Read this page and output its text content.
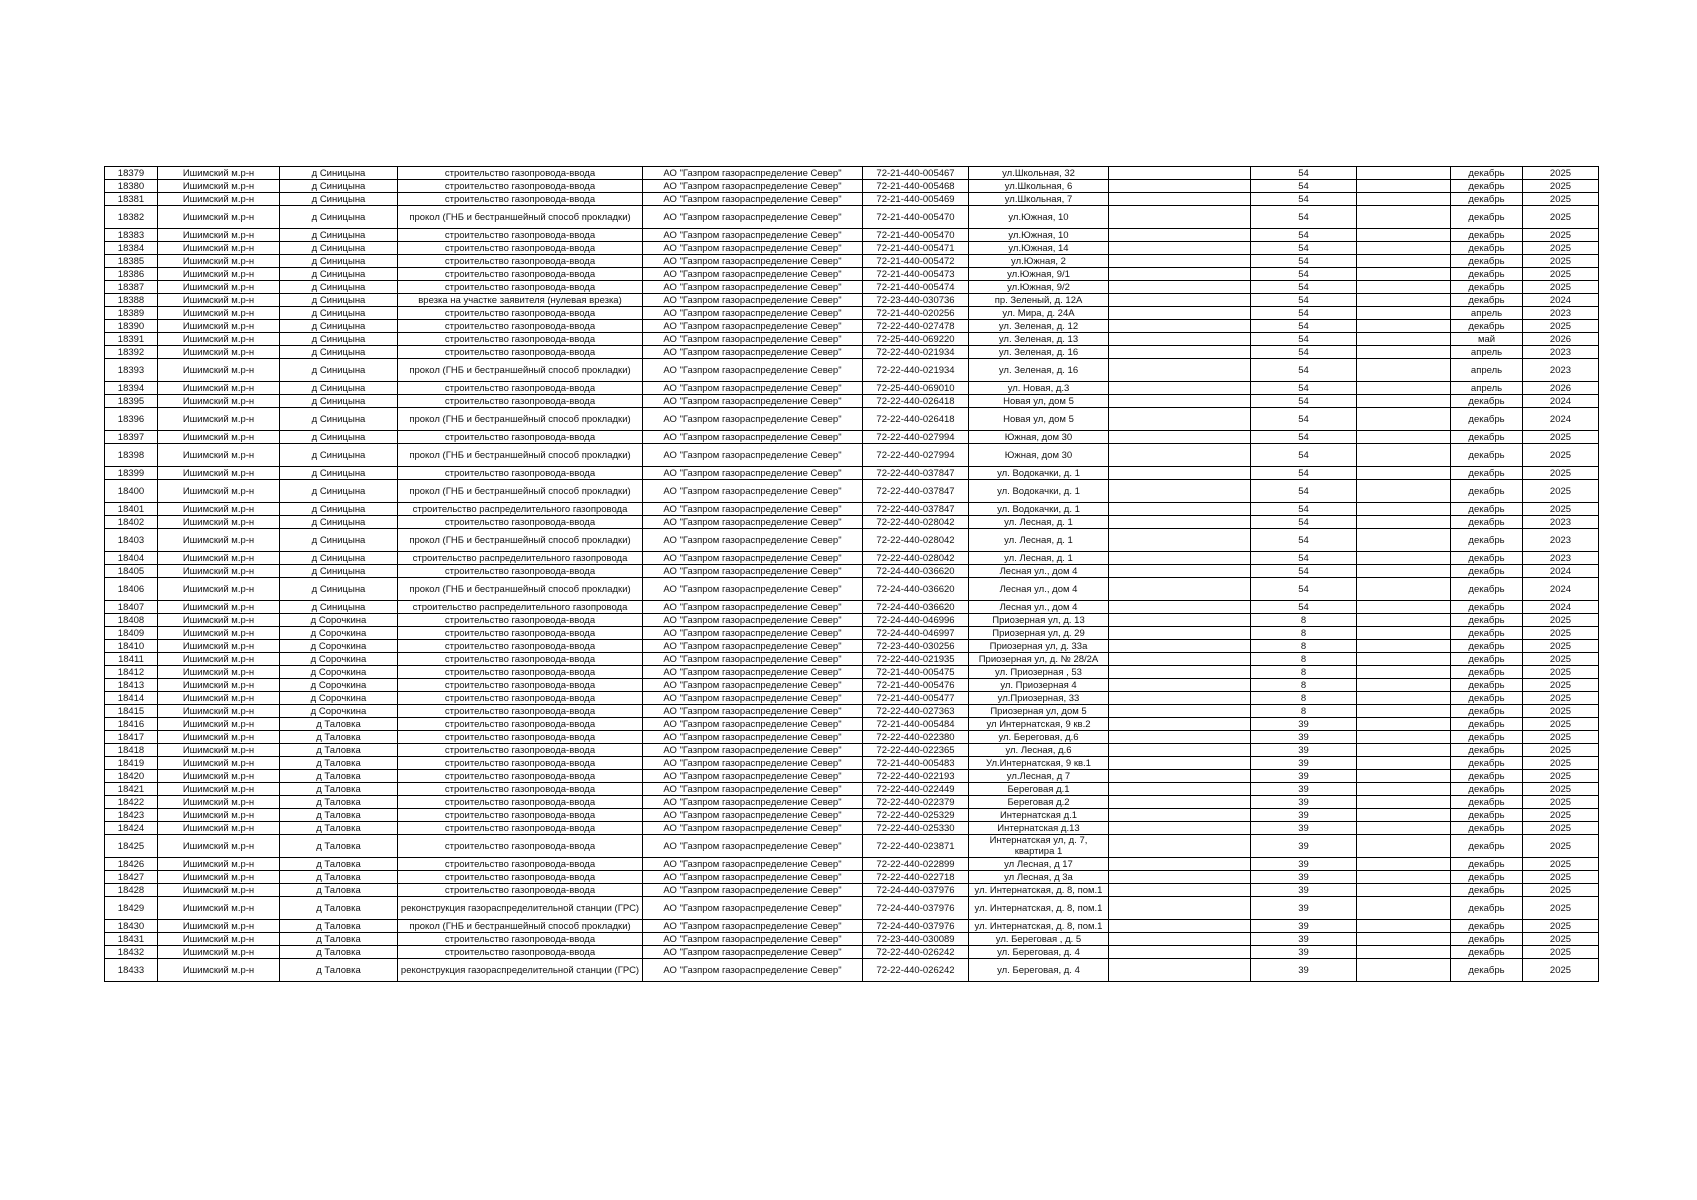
18379	Ишимский м.р-н	д Синицына	строительство газопровода-ввода	АО "Газпром газораспределение Север"	72-21-440-005467	ул.Школьная, 32		54		декабрь	2025
18380	Ишимский м.р-н	д Синицына	строительство газопровода-ввода	АО "Газпром газораспределение Север"	72-21-440-005468	ул.Школьная, 6		54		декабрь	2025
18381	Ишимский м.р-н	д Синицына	строительство газопровода-ввода	АО "Газпром газораспределение Север"	72-21-440-005469	ул.Школьная, 7		54		декабрь	2025
18382	Ишимский м.р-н	д Синицына	прокол (ГНБ и бестраншейный способ прокладки)	АО "Газпром газораспределение Север"	72-21-440-005470	ул.Южная, 10		54		декабрь	2025
18383	Ишимский м.р-н	д Синицына	строительство газопровода-ввода	АО "Газпром газораспределение Север"	72-21-440-005470	ул.Южная, 10		54		декабрь	2025
18384	Ишимский м.р-н	д Синицына	строительство газопровода-ввода	АО "Газпром газораспределение Север"	72-21-440-005471	ул.Южная, 14		54		декабрь	2025
18385	Ишимский м.р-н	д Синицына	строительство газопровода-ввода	АО "Газпром газораспределение Север"	72-21-440-005472	ул.Южная, 2		54		декабрь	2025
18386	Ишимский м.р-н	д Синицына	строительство газопровода-ввода	АО "Газпром газораспределение Север"	72-21-440-005473	ул.Южная, 9/1		54		декабрь	2025
18387	Ишимский м.р-н	д Синицына	строительство газопровода-ввода	АО "Газпром газораспределение Север"	72-21-440-005474	ул.Южная, 9/2		54		декабрь	2025
18388	Ишимский м.р-н	д Синицына	врезка на участке заявителя (нулевая врезка)	АО "Газпром газораспределение Север"	72-23-440-030736	пр. Зеленый, д. 12А		54		декабрь	2024
18389	Ишимский м.р-н	д Синицына	строительство газопровода-ввода	АО "Газпром газораспределение Север"	72-21-440-020256	ул. Мира, д. 24А		54		апрель	2023
18390	Ишимский м.р-н	д Синицына	строительство газопровода-ввода	АО "Газпром газораспределение Север"	72-22-440-027478	ул. Зеленая, д. 12		54		декабрь	2025
18391	Ишимский м.р-н	д Синицына	строительство газопровода-ввода	АО "Газпром газораспределение Север"	72-25-440-069220	ул. Зеленая, д. 13		54		май	2026
18392	Ишимский м.р-н	д Синицына	строительство газопровода-ввода	АО "Газпром газораспределение Север"	72-22-440-021934	ул. Зеленая, д. 16		54		апрель	2023
18393	Ишимский м.р-н	д Синицына	прокол (ГНБ и бестраншейный способ прокладки)	АО "Газпром газораспределение Север"	72-22-440-021934	ул. Зеленая, д. 16		54		апрель	2023
18394	Ишимский м.р-н	д Синицына	строительство газопровода-ввода	АО "Газпром газораспределение Север"	72-25-440-069010	ул. Новая, д.3		54		апрель	2026
18395	Ишимский м.р-н	д Синицына	строительство газопровода-ввода	АО "Газпром газораспределение Север"	72-22-440-026418	Новая ул, дом 5		54		декабрь	2024
18396	Ишимский м.р-н	д Синицына	прокол (ГНБ и бестраншейный способ прокладки)	АО "Газпром газораспределение Север"	72-22-440-026418	Новая ул, дом 5		54		декабрь	2024
18397	Ишимский м.р-н	д Синицына	строительство газопровода-ввода	АО "Газпром газораспределение Север"	72-22-440-027994	Южная, дом 30		54		декабрь	2025
18398	Ишимский м.р-н	д Синицына	прокол (ГНБ и бестраншейный способ прокладки)	АО "Газпром газораспределение Север"	72-22-440-027994	Южная, дом 30		54		декабрь	2025
18399	Ишимский м.р-н	д Синицына	строительство газопровода-ввода	АО "Газпром газораспределение Север"	72-22-440-037847	ул. Водокачки, д. 1		54		декабрь	2025
18400	Ишимский м.р-н	д Синицына	прокол (ГНБ и бестраншейный способ прокладки)	АО "Газпром газораспределение Север"	72-22-440-037847	ул. Водокачки, д. 1		54		декабрь	2025
18401	Ишимский м.р-н	д Синицына	строительство распределительного газопровода	АО "Газпром газораспределение Север"	72-22-440-037847	ул. Водокачки, д. 1		54		декабрь	2025
18402	Ишимский м.р-н	д Синицына	строительство газопровода-ввода	АО "Газпром газораспределение Север"	72-22-440-028042	ул. Лесная, д. 1		54		декабрь	2023
18403	Ишимский м.р-н	д Синицына	прокол (ГНБ и бестраншейный способ прокладки)	АО "Газпром газораспределение Север"	72-22-440-028042	ул. Лесная, д. 1		54		декабрь	2023
18404	Ишимский м.р-н	д Синицына	строительство распределительного газопровода	АО "Газпром газораспределение Север"	72-22-440-028042	ул. Лесная, д. 1		54		декабрь	2023
18405	Ишимский м.р-н	д Синицына	строительство газопровода-ввода	АО "Газпром газораспределение Север"	72-24-440-036620	Лесная ул., дом 4		54		декабрь	2024
18406	Ишимский м.р-н	д Синицына	прокол (ГНБ и бестраншейный способ прокладки)	АО "Газпром газораспределение Север"	72-24-440-036620	Лесная ул., дом 4		54		декабрь	2024
18407	Ишимский м.р-н	д Синицына	строительство распределительного газопровода	АО "Газпром газораспределение Север"	72-24-440-036620	Лесная ул., дом 4		54		декабрь	2024
18408	Ишимский м.р-н	д Сорочкина	строительство газопровода-ввода	АО "Газпром газораспределение Север"	72-24-440-046996	Приозерная ул, д. 13		8		декабрь	2025
18409	Ишимский м.р-н	д Сорочкина	строительство газопровода-ввода	АО "Газпром газораспределение Север"	72-24-440-046997	Приозерная ул, д. 29		8		декабрь	2025
18410	Ишимский м.р-н	д Сорочкина	строительство газопровода-ввода	АО "Газпром газораспределение Север"	72-23-440-030256	Приозерная ул, д. 33а		8		декабрь	2025
18411	Ишимский м.р-н	д Сорочкина	строительство газопровода-ввода	АО "Газпром газораспределение Север"	72-22-440-021935	Приозерная ул, д. № 28/2А		8		декабрь	2025
18412	Ишимский м.р-н	д Сорочкина	строительство газопровода-ввода	АО "Газпром газораспределение Север"	72-21-440-005475	ул. Приозерная , 53		8		декабрь	2025
18413	Ишимский м.р-н	д Сорочкина	строительство газопровода-ввода	АО "Газпром газораспределение Север"	72-21-440-005476	ул. Приозерная 4		8		декабрь	2025
18414	Ишимский м.р-н	д Сорочкина	строительство газопровода-ввода	АО "Газпром газораспределение Север"	72-21-440-005477	ул.Приозерная, 33		8		декабрь	2025
18415	Ишимский м.р-н	д Сорочкина	строительство газопровода-ввода	АО "Газпром газораспределение Север"	72-22-440-027363	Приозерная ул, дом 5		8		декабрь	2025
18416	Ишимский м.р-н	д Таловка	строительство газопровода-ввода	АО "Газпром газораспределение Север"	72-21-440-005484	ул Интернатская, 9 кв.2		39		декабрь	2025
18417	Ишимский м.р-н	д Таловка	строительство газопровода-ввода	АО "Газпром газораспределение Север"	72-22-440-022380	ул. Береговая, д.6		39		декабрь	2025
18418	Ишимский м.р-н	д Таловка	строительство газопровода-ввода	АО "Газпром газораспределение Север"	72-22-440-022365	ул. Лесная, д.6		39		декабрь	2025
18419	Ишимский м.р-н	д Таловка	строительство газопровода-ввода	АО "Газпром газораспределение Север"	72-21-440-005483	Ул.Интернатская, 9 кв.1		39		декабрь	2025
18420	Ишимский м.р-н	д Таловка	строительство газопровода-ввода	АО "Газпром газораспределение Север"	72-22-440-022193	ул.Лесная, д 7		39		декабрь	2025
18421	Ишимский м.р-н	д Таловка	строительство газопровода-ввода	АО "Газпром газораспределение Север"	72-22-440-022449	Береговая д.1		39		декабрь	2025
18422	Ишимский м.р-н	д Таловка	строительство газопровода-ввода	АО "Газпром газораспределение Север"	72-22-440-022379	Береговая д.2		39		декабрь	2025
18423	Ишимский м.р-н	д Таловка	строительство газопровода-ввода	АО "Газпром газораспределение Север"	72-22-440-025329	Интернатская д.1		39		декабрь	2025
18424	Ишимский м.р-н	д Таловка	строительство газопровода-ввода	АО "Газпром газораспределение Север"	72-22-440-025330	Интернатская д.13		39		декабрь	2025
18425	Ишимский м.р-н	д Таловка	строительство газопровода-ввода	АО "Газпром газораспределение Север"	72-22-440-023871	Интернатская ул, д. 7, квартира 1		39		декабрь	2025
18426	Ишимский м.р-н	д Таловка	строительство газопровода-ввода	АО "Газпром газораспределение Север"	72-22-440-022899	ул Лесная, д 17		39		декабрь	2025
18427	Ишимский м.р-н	д Таловка	строительство газопровода-ввода	АО "Газпром газораспределение Север"	72-22-440-022718	ул Лесная, д 3а		39		декабрь	2025
18428	Ишимский м.р-н	д Таловка	строительство газопровода-ввода	АО "Газпром газораспределение Север"	72-24-440-037976	ул. Интернатская, д. 8, пом.1		39		декабрь	2025
18429	Ишимский м.р-н	д Таловка	реконструкция газораспределительной станции (ГРС)	АО "Газпром газораспределение Север"	72-24-440-037976	ул. Интернатская, д. 8, пом.1		39		декабрь	2025
18430	Ишимский м.р-н	д Таловка	прокол (ГНБ и бестраншейный способ прокладки)	АО "Газпром газораспределение Север"	72-24-440-037976	ул. Интернатская, д. 8, пом.1		39		декабрь	2025
18431	Ишимский м.р-н	д Таловка	строительство газопровода-ввода	АО "Газпром газораспределение Север"	72-23-440-030089	ул. Береговая , д. 5		39		декабрь	2025
18432	Ишимский м.р-н	д Таловка	строительство газопровода-ввода	АО "Газпром газораспределение Север"	72-22-440-026242	ул. Береговая, д. 4		39		декабрь	2025
18433	Ишимский м.р-н	д Таловка	реконструкция газораспределительной станции (ГРС)	АО "Газпром газораспределение Север"	72-22-440-026242	ул. Береговая, д. 4		39		декабрь	2025
